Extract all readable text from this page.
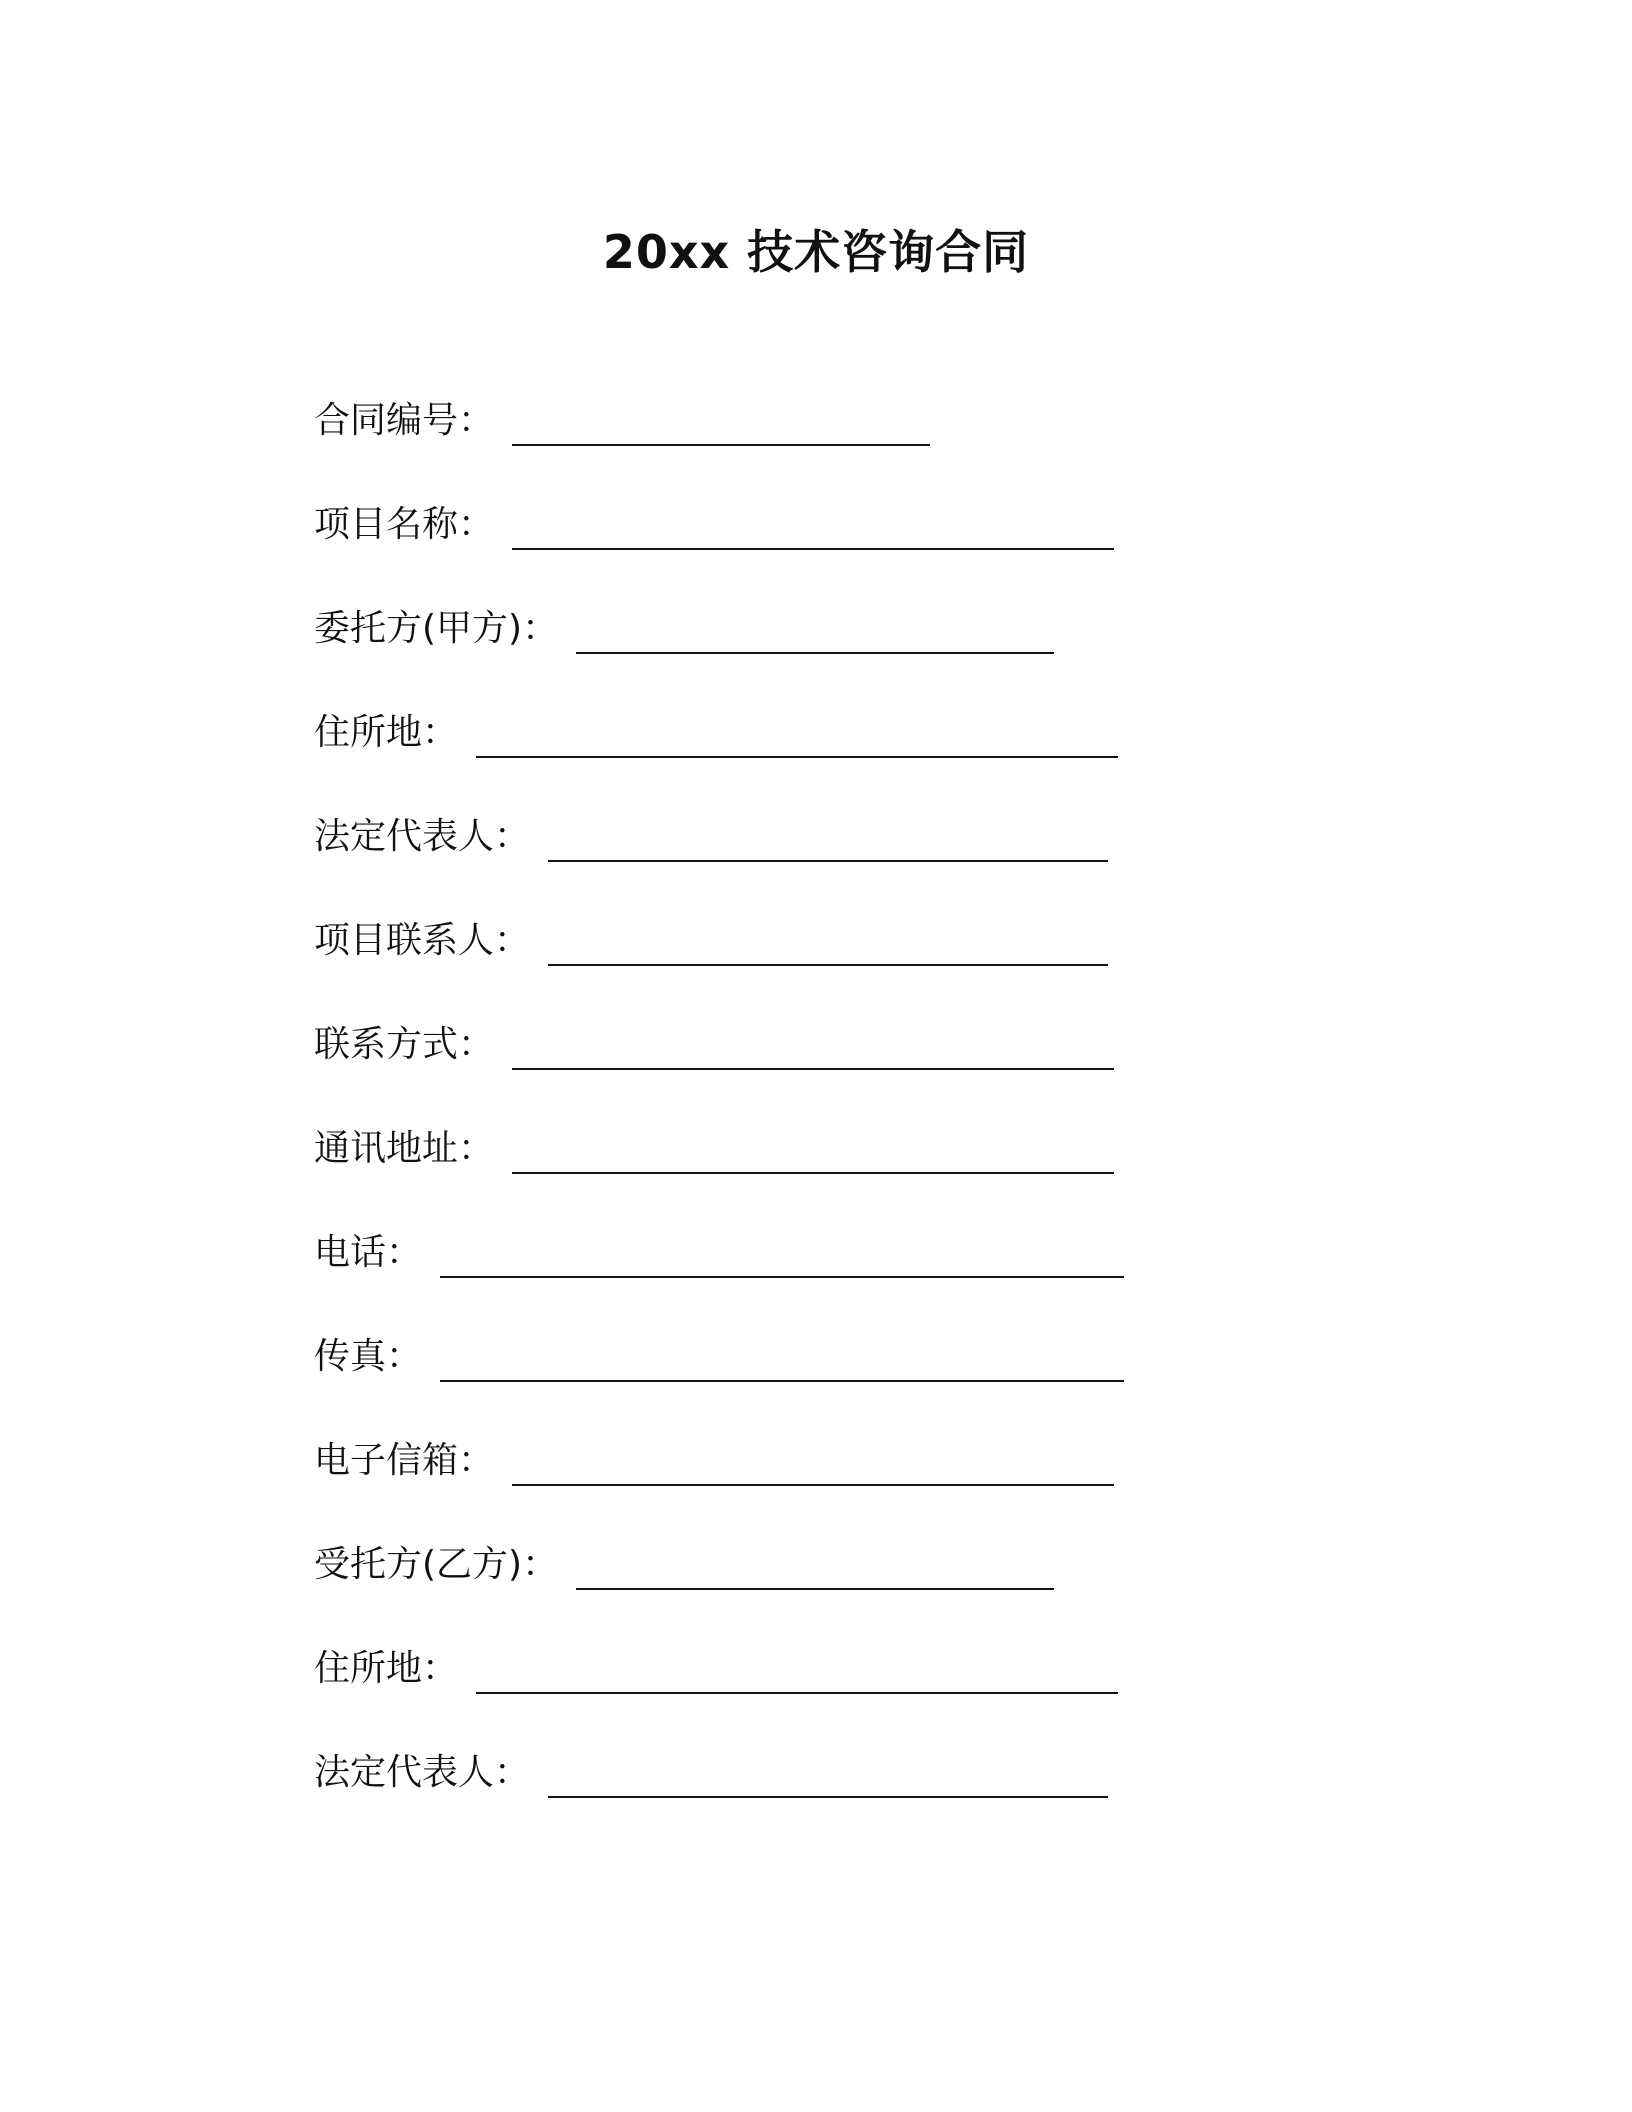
20xx 技术咨询合同
合同编号：
项目名称：
委托方(甲方)：
住所地：
法定代表人：
项目联系人：
联系方式：
通讯地址：
电话：
传真：
电子信箱：
受托方(乙方)：
住所地：
法定代表人：
